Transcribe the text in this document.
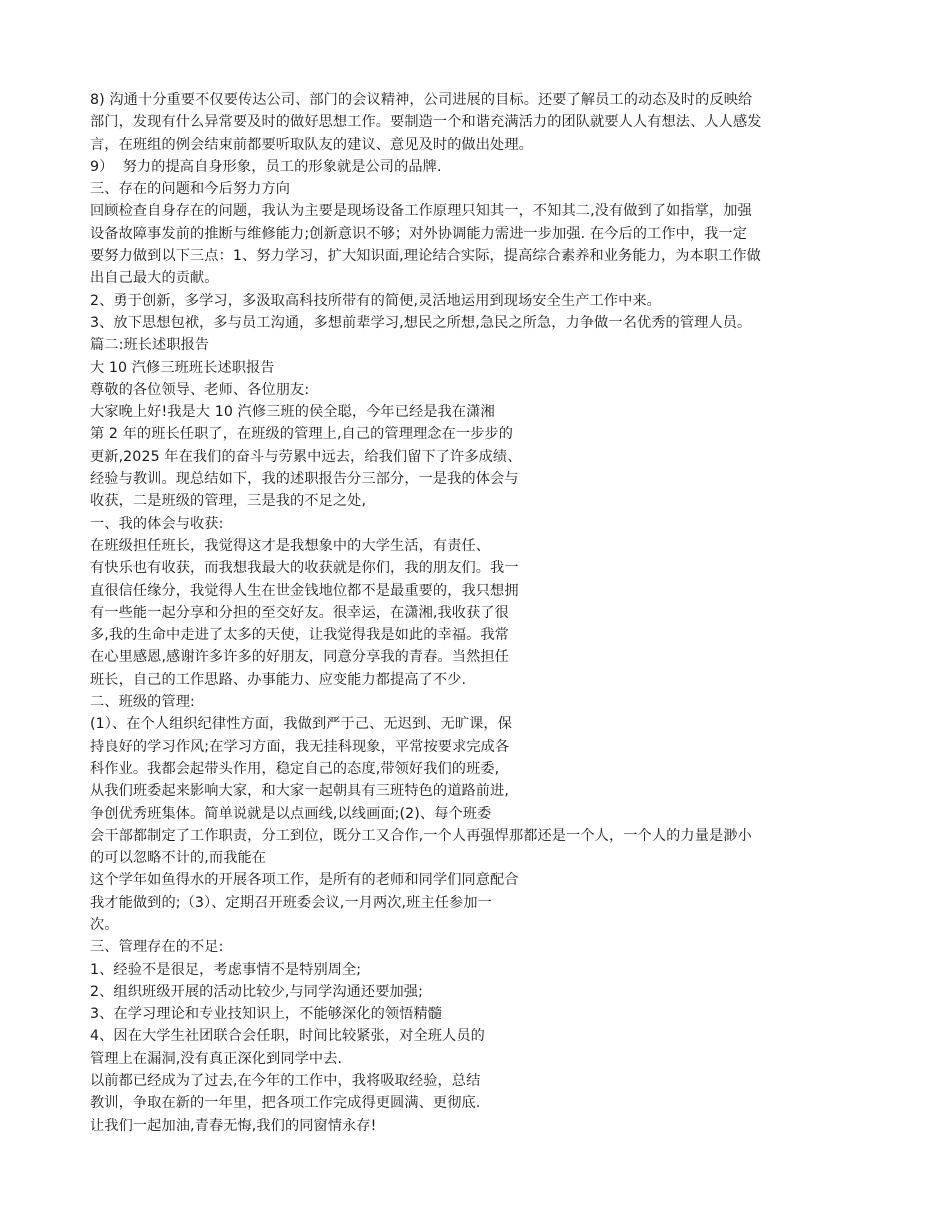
8) 沟通十分重要不仅要传达公司、部门的会议精神，公司进展的目标。还要了解员工的动态及时的反映给
部门，发现有什么异常要及时的做好思想工作。要制造一个和谐充满活力的团队就要人人有想法、人人感发
言，在班组的例会结束前都要听取队友的建议、意见及时的做出处理。
9）  努力的提高自身形象，员工的形象就是公司的品牌.
三、存在的问题和今后努力方向
回顾检查自身存在的问题，我认为主要是现场设备工作原理只知其一，不知其二,没有做到了如指掌，加强
设备故障事发前的推断与维修能力;创新意识不够；对外协调能力需进一步加强. 在今后的工作中，我一定
要努力做到以下三点：1、努力学习，扩大知识面,理论结合实际，提高综合素养和业务能力，为本职工作做
出自己最大的贡献。
2、勇于创新，多学习，多汲取高科技所带有的简便,灵活地运用到现场安全生产工作中来。
3、放下思想包袱，多与员工沟通，多想前辈学习,想民之所想,急民之所急，力争做一名优秀的管理人员。
篇二:班长述职报告
大 10 汽修三班班长述职报告
尊敬的各位领导、老师、各位朋友:
大家晚上好!我是大 10 汽修三班的侯全聪，今年已经是我在潇湘
第 2 年的班长任职了，在班级的管理上,自己的管理理念在一步步的
更新,2025 年在我们的奋斗与劳累中远去，给我们留下了许多成绩、
经验与教训。现总结如下，我的述职报告分三部分，一是我的体会与
收获，二是班级的管理，三是我的不足之处,
一、我的体会与收获:
在班级担任班长，我觉得这才是我想象中的大学生活，有责任、
有快乐也有收获，而我想我最大的收获就是你们，我的朋友们。我一
直很信任缘分，我觉得人生在世金钱地位都不是最重要的，我只想拥
有一些能一起分享和分担的至交好友。很幸运，在潇湘,我收获了很
多,我的生命中走进了太多的天使，让我觉得我是如此的幸福。我常
在心里感恩,感谢许多许多的好朋友，同意分享我的青春。当然担任
班长，自己的工作思路、办事能力、应变能力都提高了不少.
二、班级的管理:
(1）、在个人组织纪律性方面，我做到严于己、无迟到、无旷课，保
持良好的学习作风;在学习方面，我无挂科现象，平常按要求完成各
科作业。我都会起带头作用，稳定自己的态度,带领好我们的班委,
从我们班委起来影响大家，和大家一起朝具有三班特色的道路前进,
争创优秀班集体。简单说就是以点画线,以线画面;(2)、每个班委
会干部都制定了工作职责，分工到位，既分工又合作,一个人再强悍那都还是一个人，一个人的力量是渺小
的可以忽略不计的,而我能在
这个学年如鱼得水的开展各项工作，是所有的老师和同学们同意配合
我才能做到的;（3）、定期召开班委会议,一月两次,班主任参加一
次。
三、管理存在的不足:
1、经验不是很足，考虑事情不是特别周全;
2、组织班级开展的活动比较少,与同学沟通还要加强;
3、在学习理论和专业技知识上，不能够深化的领悟精髓
4、因在大学生社团联合会任职，时间比较紧张，对全班人员的
管理上在漏洞,没有真正深化到同学中去.
以前都已经成为了过去,在今年的工作中，我将吸取经验，总结
教训，争取在新的一年里，把各项工作完成得更圆满、更彻底.
让我们一起加油,青春无悔,我们的同窗情永存!
